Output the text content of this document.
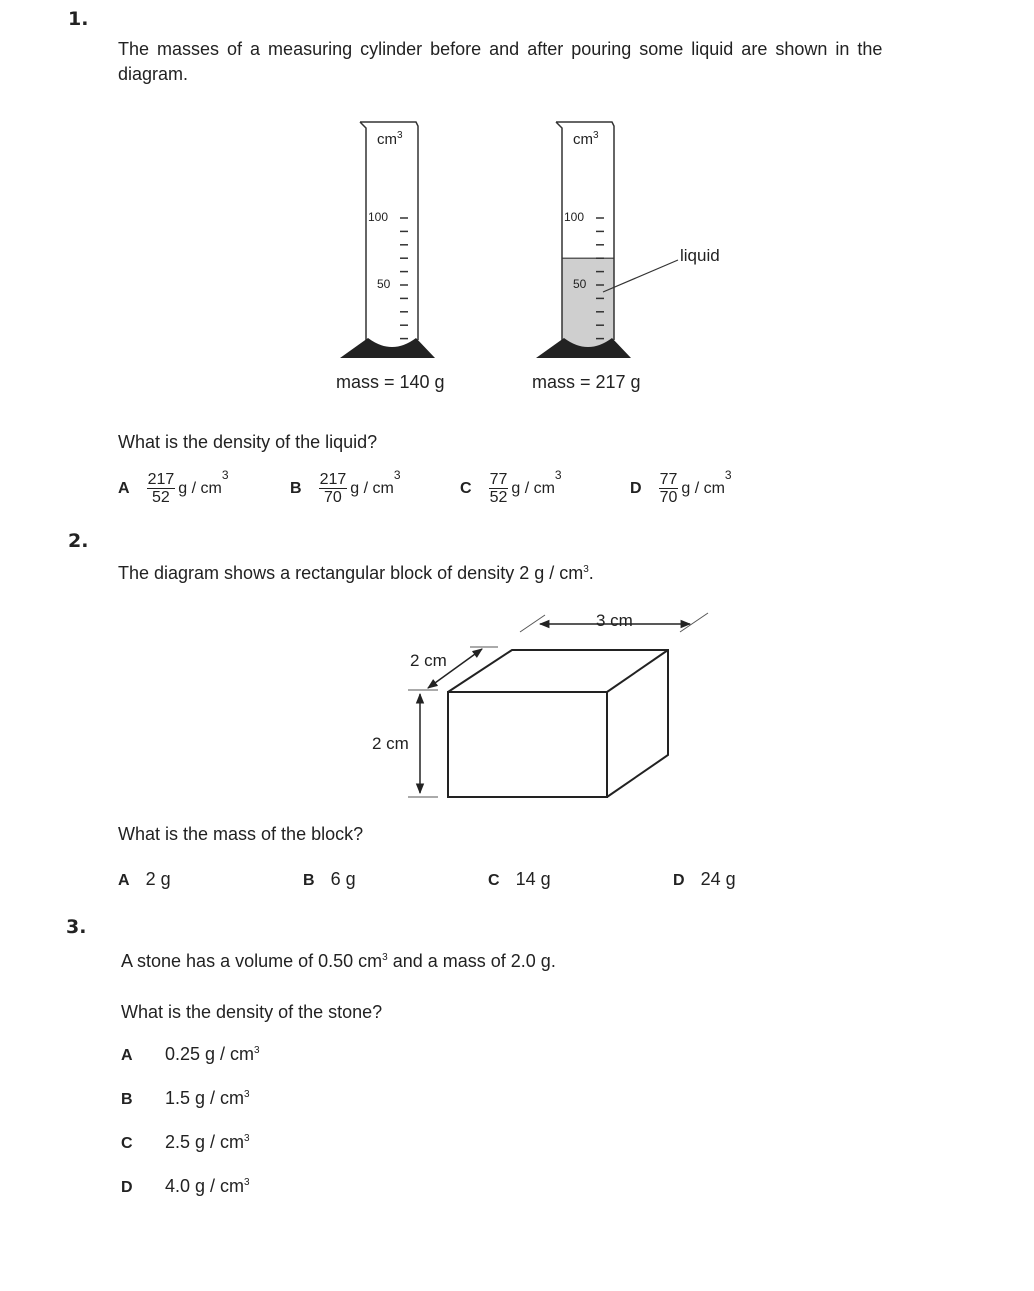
1.
The masses of a measuring cylinder before and after pouring some liquid are shown in the
diagram.
$cm^3$	$cm^3$
100
50
100
50
liquid
mass = 140 g	mass = 217 g
What is the density of the liquid?
A $\frac{217}{52}$ g / $cm^3$
B $\frac{217}{70}$ g / $cm^3$
C $\frac{77}{52}$ g / $cm^3$
D $\frac{77}{70}$ g / $cm^3$
2.
The diagram shows a rectangular block of density 2 g / $cm^3$.
3 cm
2 cm
2 cm
What is the mass of the block?
A 2 g	B 6 g	C 14 g	D 24 g
3.
A stone has a volume of 0.50 $cm^3$ and a mass of 2.0 g.
What is the density of the stone?
A 0.25 g / $cm^3$
B 1.5 g / $cm^3$
C 2.5 g / $cm^3$
D 4.0 g / $cm^3$
